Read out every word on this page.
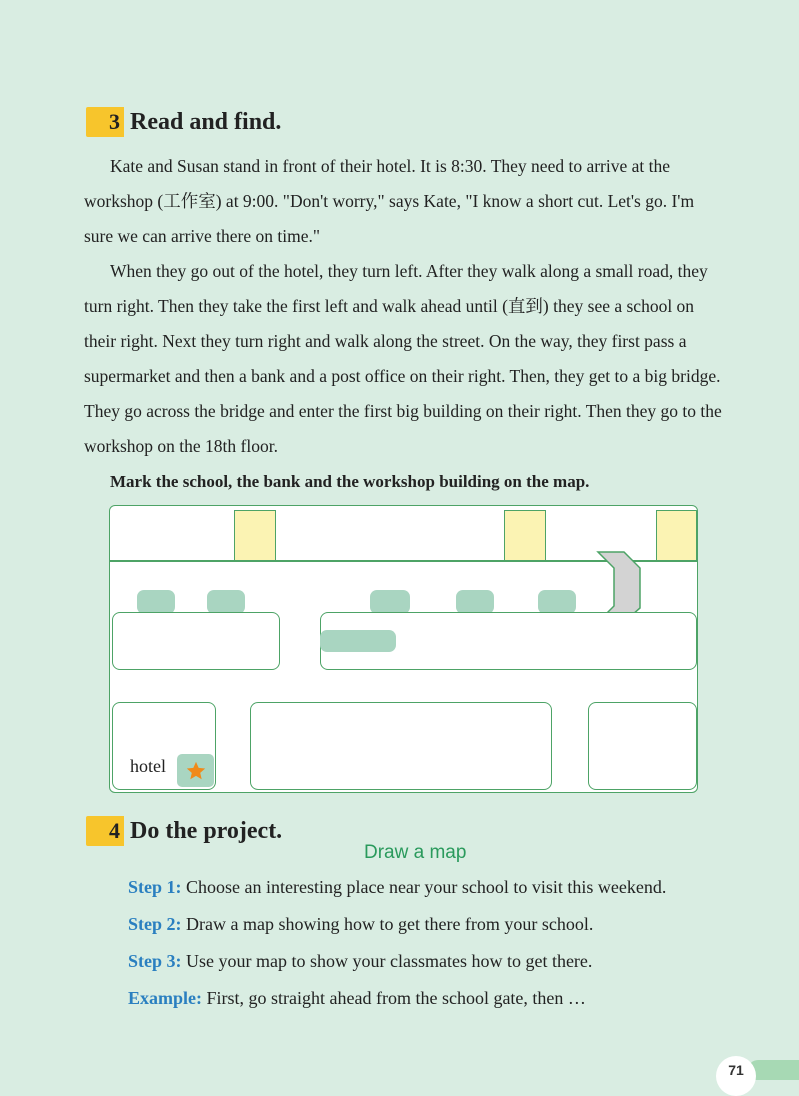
3 Read and find.

Kate and Susan stand in front of their hotel. It is 8:30. They need to arrive at the workshop (工作室) at 9:00. "Don't worry," says Kate, "I know a short cut. Let's go. I'm sure we can arrive there on time."

When they go out of the hotel, they turn left. After they walk along a small road, they turn right. Then they take the first left and walk ahead until (直到) they see a school on their right. Next they turn right and walk along the street. On the way, they first pass a supermarket and then a bank and a post office on their right. Then, they get to a big bridge. They go across the bridge and enter the first big building on their right. Then they go to the workshop on the 18th floor.

Mark the school, the bank and the workshop building on the map.
hotel
4 Do the project.
Draw a map
Step 1: Choose an interesting place near your school to visit this weekend.
Step 2: Draw a map showing how to get there from your school.
Step 3: Use your map to show your classmates how to get there.
Example: First, go straight ahead from the school gate, then …
71
